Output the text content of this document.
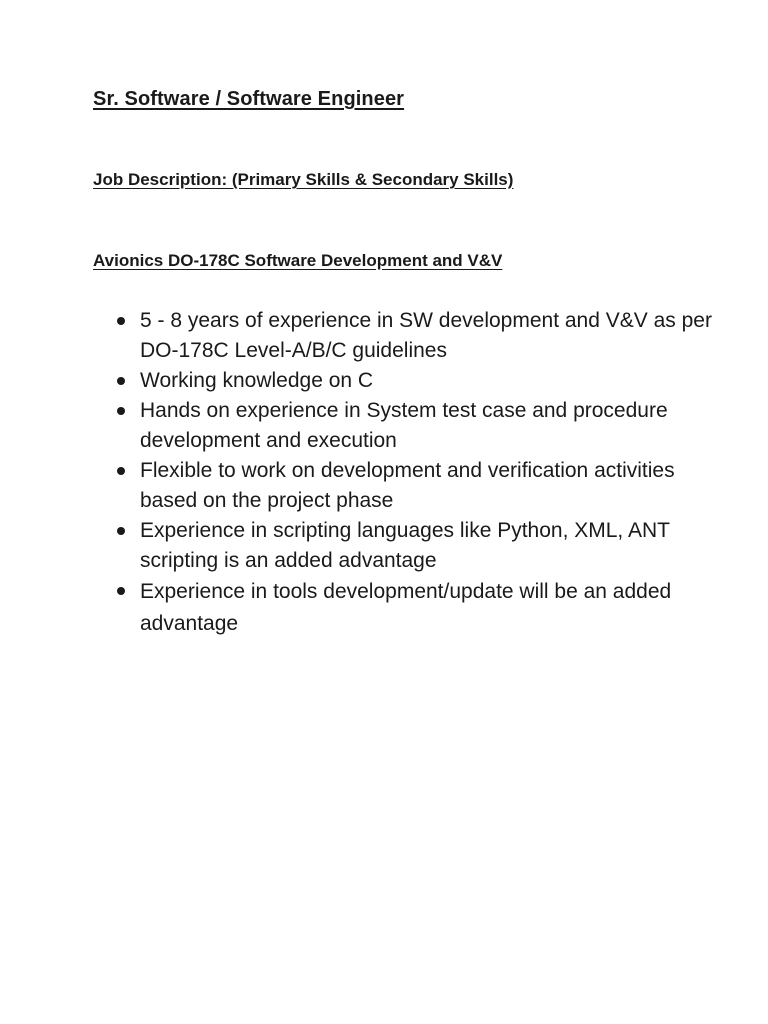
Sr. Software / Software Engineer
Job Description: (Primary Skills & Secondary Skills)
Avionics DO-178C Software Development and V&V
5 - 8 years of experience in SW development and V&V as per DO-178C Level-A/B/C guidelines
Working knowledge on C
Hands on experience in System test case and procedure development and execution
Flexible to work on development and verification activities based on the project phase
Experience in scripting languages like Python, XML, ANT scripting is an added advantage
Experience in tools development/update will be an added advantage
